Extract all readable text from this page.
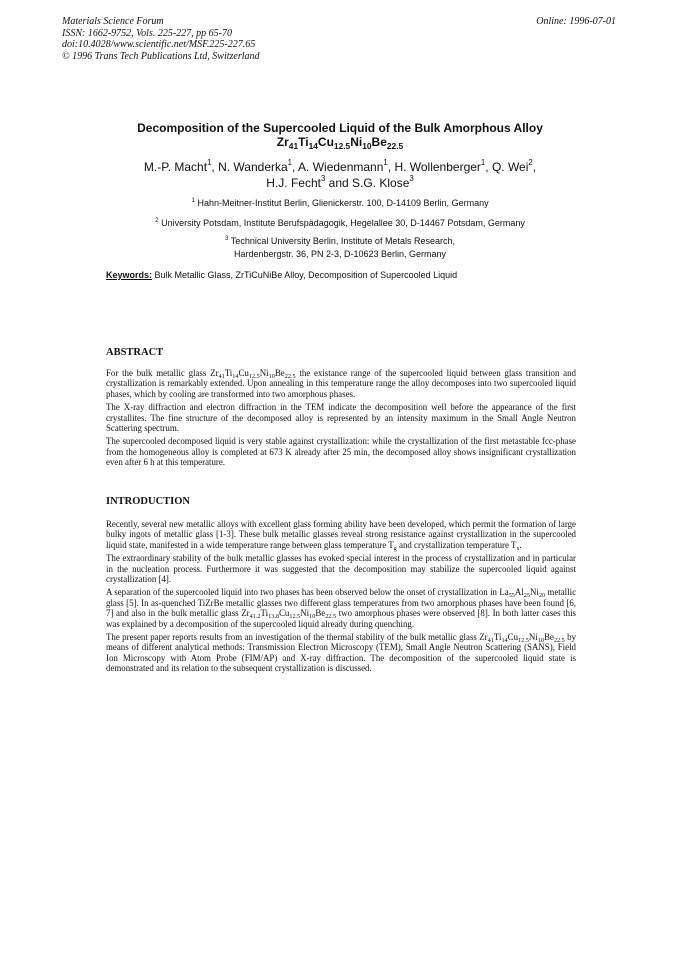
Materials Science Forum
ISSN: 1662-9752, Vols. 225-227, pp 65-70
doi:10.4028/www.scientific.net/MSF.225-227.65
© 1996 Trans Tech Publications Ltd, Switzerland
Online: 1996-07-01
Decomposition of the Supercooled Liquid of the Bulk Amorphous Alloy
$Zr_{41}Ti_{14}Cu_{12.5}Ni_{10}Be_{22.5}$
M.-P. Macht$^1$, N. Wanderka$^1$, A. Wiedenmann$^1$, H. Wollenberger$^1$, Q. Wei$^2$,
H.J. Fecht$^3$ and S.G. Klose$^3$
$^1$ Hahn-Meitner-Institut Berlin, Glienickerstr. 100, D-14109 Berlin, Germany
$^2$ University Potsdam, Institute Berufspädagogik, Hegelallee 30, D-14467 Potsdam, Germany
$^3$ Technical University Berlin, Institute of Metals Research,
Hardenbergstr. 36, PN 2-3, D-10623 Berlin, Germany
Keywords: Bulk Metallic Glass, ZrTiCuNiBe Alloy, Decomposition of Supercooled Liquid
ABSTRACT

For the bulk metallic glass $Zr_{41}Ti_{14}Cu_{12.5}Ni_{10}Be_{22.5}$ the existance range of the supercooled liquid between glass transition and crystallization is remarkably extended. Upon annealing in this temperature range the alloy decomposes into two supercooled liquid phases, which by cooling are transformed into two amorphous phases.

The X-ray diffraction and electron diffraction in the TEM indicate the decomposition well before the appearance of the first crystallites. The fine structure of the decomposed alloy is represented by an intensity maximum in the Small Angle Neutron Scattering spectrum.

The supercooled decomposed liquid is very stable against crystallization: while the crystallization of the first metastable fcc-phase from the homogeneous alloy is completed at 673 K already after 25 min, the decomposed alloy shows insignificant crystallization even after 6 h at this temperature.

INTRODUCTION

Recently, several new metallic alloys with excellent glass forming ability have been developed, which permit the formation of large bulky ingots of metallic glass [1-3]. These bulk metallic glasses reveal strong resistance against crystallization in the supercooled liquid state, manifested in a wide temperature range between glass temperature $T_g$ and crystallization temperature $T_x$.

The extraordinary stability of the bulk metallic glasses has evoked special interest in the process of crystallization and in particular in the nucleation process. Furthermore it was suggested that the decomposition may stabilize the supercooled liquid against crystallization [4].

A separation of the supercooled liquid into two phases has been observed below the onset of crystallization in $La_{55}Al_{25}Ni_{20}$ metallic glass [5]. In as-quenched TiZrBe metallic glasses two different glass temperatures from two amorphous phases have been found [6, 7] and also in the bulk metallic glass $Zr_{41.2}Ti_{13.8}Cu_{12.5}Ni_{10}Be_{22.5}$ two amorphous phases were observed [8]. In both latter cases this was explained by a decomposition of the supercooled liquid already during quenching.

The present paper reports results from an investigation of the thermal stability of the bulk metallic glass $Zr_{41}Ti_{14}Cu_{12.5}Ni_{10}Be_{22.5}$ by means of different analytical methods: Transmission Electron Microscopy (TEM), Small Angle Neutron Scattering (SANS), Field Ion Microscopy with Atom Probe (FIM/AP) and X-ray diffraction. The decomposition of the supercooled liquid state is demonstrated and its relation to the subsequent crystallization is discussed.
